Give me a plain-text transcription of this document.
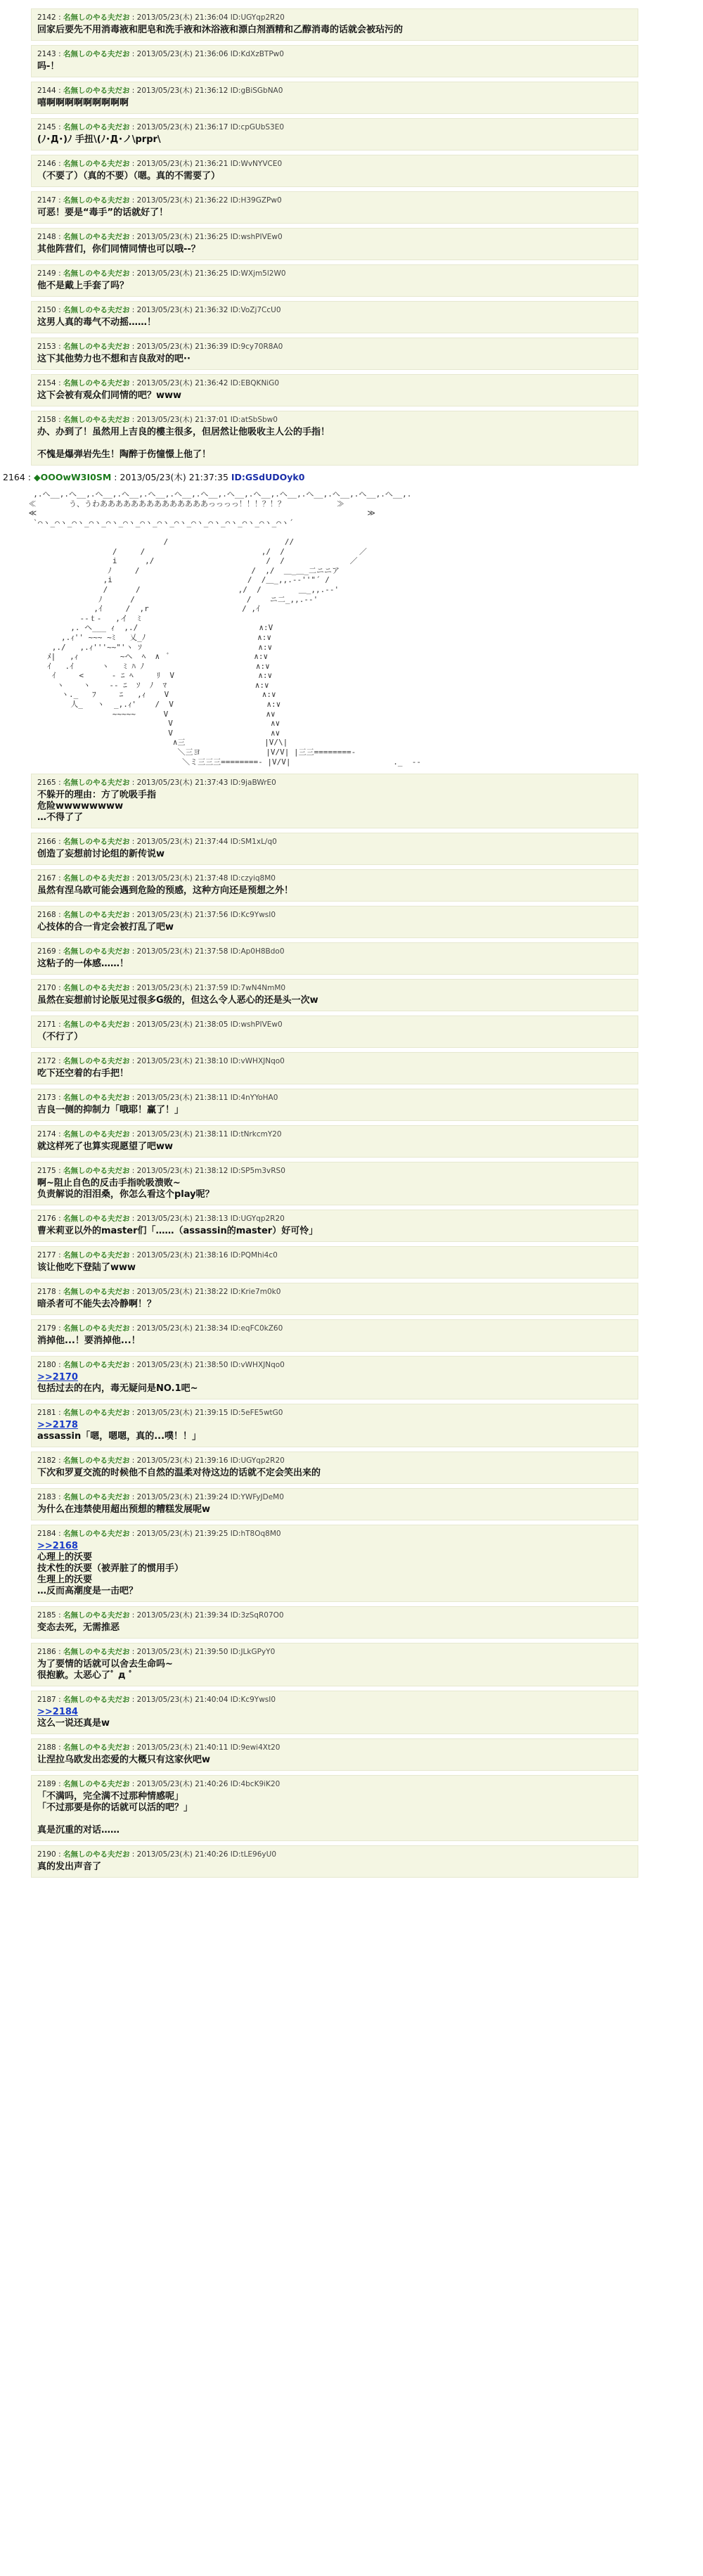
2142 : 名無しのやる夫だお : 2013/05/23(木) 21:36:04 ID:UGYqp2R20
回家后要先不用消毒液和肥皂和洗手液和沐浴液和漂白剂酒精和乙醇消毒的话就会被玷污的
2143 : 名無しのやる夫だお : 2013/05/23(木) 21:36:06 ID:KdXzBTPw0
吗-！
2144 : 名無しのやる夫だお : 2013/05/23(木) 21:36:12 ID:gBiSGbNA0
嘻啊啊啊啊啊啊啊啊啊
2145 : 名無しのやる夫だお : 2013/05/23(木) 21:36:17 ID:cpGUbS3E0
(ﾉ･Д･)ﾉ 手扭\(ﾉ･Д･ノ\prpr\
2146 : 名無しのやる夫だお : 2013/05/23(木) 21:36:21 ID:WvNYVCE0
（不要了）（真的不要）（嗯。真的不需要了）
2147 : 名無しのやる夫だお : 2013/05/23(木) 21:36:22 ID:H39GZPw0
可恶！要是“毒手”的话就好了！
2148 : 名無しのやる夫だお : 2013/05/23(木) 21:36:25 ID:wshPIVEw0
其他阵营们，你们同情同情也可以哦--？
2149 : 名無しのやる夫だお : 2013/05/23(木) 21:36:25 ID:WXjm5l2W0
他不是戴上手套了吗？
2150 : 名無しのやる夫だお : 2013/05/23(木) 21:36:32 ID:VoZj7CcU0
这男人真的毒气不动摇……！
2153 : 名無しのやる夫だお : 2013/05/23(木) 21:36:39 ID:9cy70R8A0
这下其他势力也不想和吉良敌对的吧··
2154 : 名無しのやる夫だお : 2013/05/23(木) 21:36:42 ID:EBQKNiG0
这下会被有观众们同情的吧？www
2158 : 名無しのやる夫だお : 2013/05/23(木) 21:37:01 ID:atSbSbw0
办、办到了！虽然用上吉良的樓主很多，但居然让他吸收主人公的手指！

不愧是爆弹岩先生！陶醉于伤憧憬上他了！
2164 : ◆OOOwW3I0SM : 2013/05/23(木) 21:37:35 ID:GSdUDOyk0
,.へ__,.へ__,.へ__,.へ__,.へ__,.へ__,.へ__,.へ__,.へ__,.へ__,.へ__,.へ__,.へ__,.へ__,.
≪       う、うわああああああああああああああっっっっ！！！？！？           ≫
≪                                                                       ≫
`⌒ヽ_⌒ヽ_⌒ヽ_⌒ヽ_⌒ヽ_⌒ヽ_⌒ヽ_⌒ヽ_⌒ヽ_⌒ヽ_⌒ヽ_⌒ヽ_⌒ヽ_⌒ヽ_⌒ヽ´

/                         //
/     /                         ,/  /                ／
i      ,/                        /  /              ／
ﾉ     /                        /  ,/  ＿_＿_二ニニア
,i                             /  /＿_,,.-‐''"´ /
/      /                     ,/  /        ＿_,,.-‐'
ﾉ      /                        /    ニ二_,,.-‐'
,ｲ     /  ,r                    / ,ｲ
‐-ｔ‐   ,イ  ﾐ
,. ヘ___ ｨ  ,./                          ∧:V
,.ｨ'' ~~~ ~ﾐ   乂_ﾉ                        ∧:∨
,./   ,.ｨ'''~~"'ヽ ｿ                         ∧:∨
ﾒ|   ,ｨ         ~ヘ  ﾍ  ∧  ﾞ                  ∧:∨
ｲ   .ｲ      ヽ   ﾐ ﾊ ﾉ                        ∧:∨
ｲ     <      ‐ ﾆ ﾍ     ﾘ  V                  ∧:∨
ヽ    ヽ    -- ﾆ  ｿ  ﾉ  ﾏ                   ∧:∨
ヽ._   ﾌ     ﾆ   ,ｨ    V                    ∧:∨
人_   ヽ  _,.ｨ'    /  V                    ∧:∨
~~~~~      V                     ∧∨
V                     ∧∨
V                     ∧∨
∧三                 |V/\|
＼三ヨ              |V/V| |三三========-
＼ミ三三三========- |V/V|                      ._  --
2165 : 名無しのやる夫だお : 2013/05/23(木) 21:37:43 ID:9jaBWrE0
不躲开的理由：方了吮吸手指
危险wwwwwwww
…不得了了
2166 : 名無しのやる夫だお : 2013/05/23(木) 21:37:44 ID:SM1xL/q0
创造了妄想前讨论组的新传说w
2167 : 名無しのやる夫だお : 2013/05/23(木) 21:37:48 ID:czyiq8M0
虽然有涅乌欧可能会遇到危险的预感，这种方向还是预想之外！
2168 : 名無しのやる夫だお : 2013/05/23(木) 21:37:56 ID:Kc9YwsI0
心技体的合一肯定会被打乱了吧w
2169 : 名無しのやる夫だお : 2013/05/23(木) 21:37:58 ID:Ap0H8Bdo0
这粘子的一体感……！
2170 : 名無しのやる夫だお : 2013/05/23(木) 21:37:59 ID:7wN4NmM0
虽然在妄想前讨论版见过很多G级的，但这么令人恶心的还是头一次w
2171 : 名無しのやる夫だお : 2013/05/23(木) 21:38:05 ID:wshPIVEw0
（不行了）
2172 : 名無しのやる夫だお : 2013/05/23(木) 21:38:10 ID:vWHXJNqo0
吃下还空着的右手把！
2173 : 名無しのやる夫だお : 2013/05/23(木) 21:38:11 ID:4nYYoHA0
吉良一侧的抑制力「哦耶！赢了！」
2174 : 名無しのやる夫だお : 2013/05/23(木) 21:38:11 ID:tNrkcmY20
就这样死了也算实现愿望了吧ww
2175 : 名無しのやる夫だお : 2013/05/23(木) 21:38:12 ID:SP5m3vRS0
啊~阻止自色的反击手指吮吸溃败~
负责解说的泪泪桑，你怎么看这个play呢？
2176 : 名無しのやる夫だお : 2013/05/23(木) 21:38:13 ID:UGYqp2R20
曹米莉亚以外的master们「……（assassin的master）好可怜」
2177 : 名無しのやる夫だお : 2013/05/23(木) 21:38:16 ID:PQMhi4c0
该让他吃下登陆了www
2178 : 名無しのやる夫だお : 2013/05/23(木) 21:38:22 ID:Krie7m0k0
暗杀者可不能失去冷静啊！？
2179 : 名無しのやる夫だお : 2013/05/23(木) 21:38:34 ID:eqFC0kZ60
消掉他...！要消掉他...！
2180 : 名無しのやる夫だお : 2013/05/23(木) 21:38:50 ID:vWHXJNqo0
>>2170
包括过去的在内，毒无疑问是NO.1吧~
2181 : 名無しのやる夫だお : 2013/05/23(木) 21:39:15 ID:5eFE5wtG0
>>2178
assassin「嗯，嗯嗯，真的...噗！！」
2182 : 名無しのやる夫だお : 2013/05/23(木) 21:39:16 ID:UGYqp2R20
下次和罗夏交流的时候他不自然的温柔对待这边的话就不定会笑出来的
2183 : 名無しのやる夫だお : 2013/05/23(木) 21:39:24 ID:YWFyJDeM0
为什么在违禁使用超出预想的糟糕发展呢w
2184 : 名無しのやる夫だお : 2013/05/23(木) 21:39:25 ID:hT8Oq8M0
>>2168
心理上的沃要
技术性的沃要（被弄脏了的惯用手）
生理上的沃要
…反而高潮度是一击吧？
2185 : 名無しのやる夫だお : 2013/05/23(木) 21:39:34 ID:3zSqR07O0
变态去死，无需推恶
2186 : 名無しのやる夫だお : 2013/05/23(木) 21:39:50 ID:JLkGPyY0
为了要情的话就可以舍去生命吗~
很抱歉。太恶心了ﾟ д ﾟ
2187 : 名無しのやる夫だお : 2013/05/23(木) 21:40:04 ID:Kc9YwsI0
>>2184
这么一说还真是w
2188 : 名無しのやる夫だお : 2013/05/23(木) 21:40:11 ID:9ewi4Xt20
让涅拉乌欧发出恋爱的大概只有这家伙吧w
2189 : 名無しのやる夫だお : 2013/05/23(木) 21:40:26 ID:4bcK9iK20
「不满吗，完全满不过那种情感呢」
「不过那要是你的话就可以活的吧？」

真是沉重的对话……
2190 : 名無しのやる夫だお : 2013/05/23(木) 21:40:26 ID:tLE96yU0
真的发出声音了
